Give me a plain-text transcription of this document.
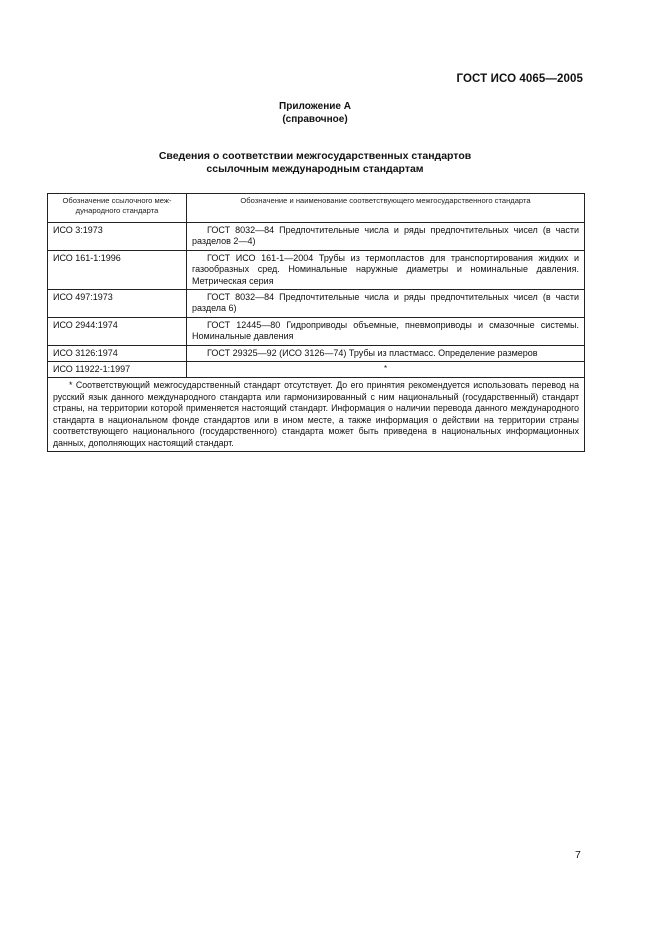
ГОСТ ИСО 4065—2005
Приложение А
(справочное)
Сведения о соответствии межгосударственных стандартов
ссылочным международным стандартам
Обозначение ссылочного меж-дународного стандарта	Обозначение и наименование соответствующего межгосударственного стандарта
ИСО 3:1973	ГОСТ 8032—84 Предпочтительные числа и ряды предпочтительных чисел (в части разделов 2—4)
ИСО 161-1:1996	ГОСТ ИСО 161-1—2004 Трубы из термопластов для транспортирования жидких и газообразных сред. Номинальные наружные диаметры и номинальные давления. Метрическая серия
ИСО 497:1973	ГОСТ 8032—84 Предпочтительные числа и ряды предпочтительных чисел (в части раздела 6)
ИСО 2944:1974	ГОСТ 12445—80 Гидроприводы объемные, пневмоприводы и смазочные системы. Номинальные давления
ИСО 3126:1974	ГОСТ 29325—92 (ИСО 3126—74) Трубы из пластмасс. Определение размеров
ИСО 11922-1:1997	*
* Соответствующий межгосударственный стандарт отсутствует. До его принятия рекомендуется использовать перевод на русский язык данного международного стандарта или гармонизированный с ним национальный (государственный) стандарт страны, на территории которой применяется настоящий стандарт. Информация о наличии перевода данного международного стандарта в национальном фонде стандартов или в ином месте, а также информация о действии на территории страны соответствующего национального (государственного) стандарта может быть приведена в национальных информационных данных, дополняющих настоящий стандарт.	
7
